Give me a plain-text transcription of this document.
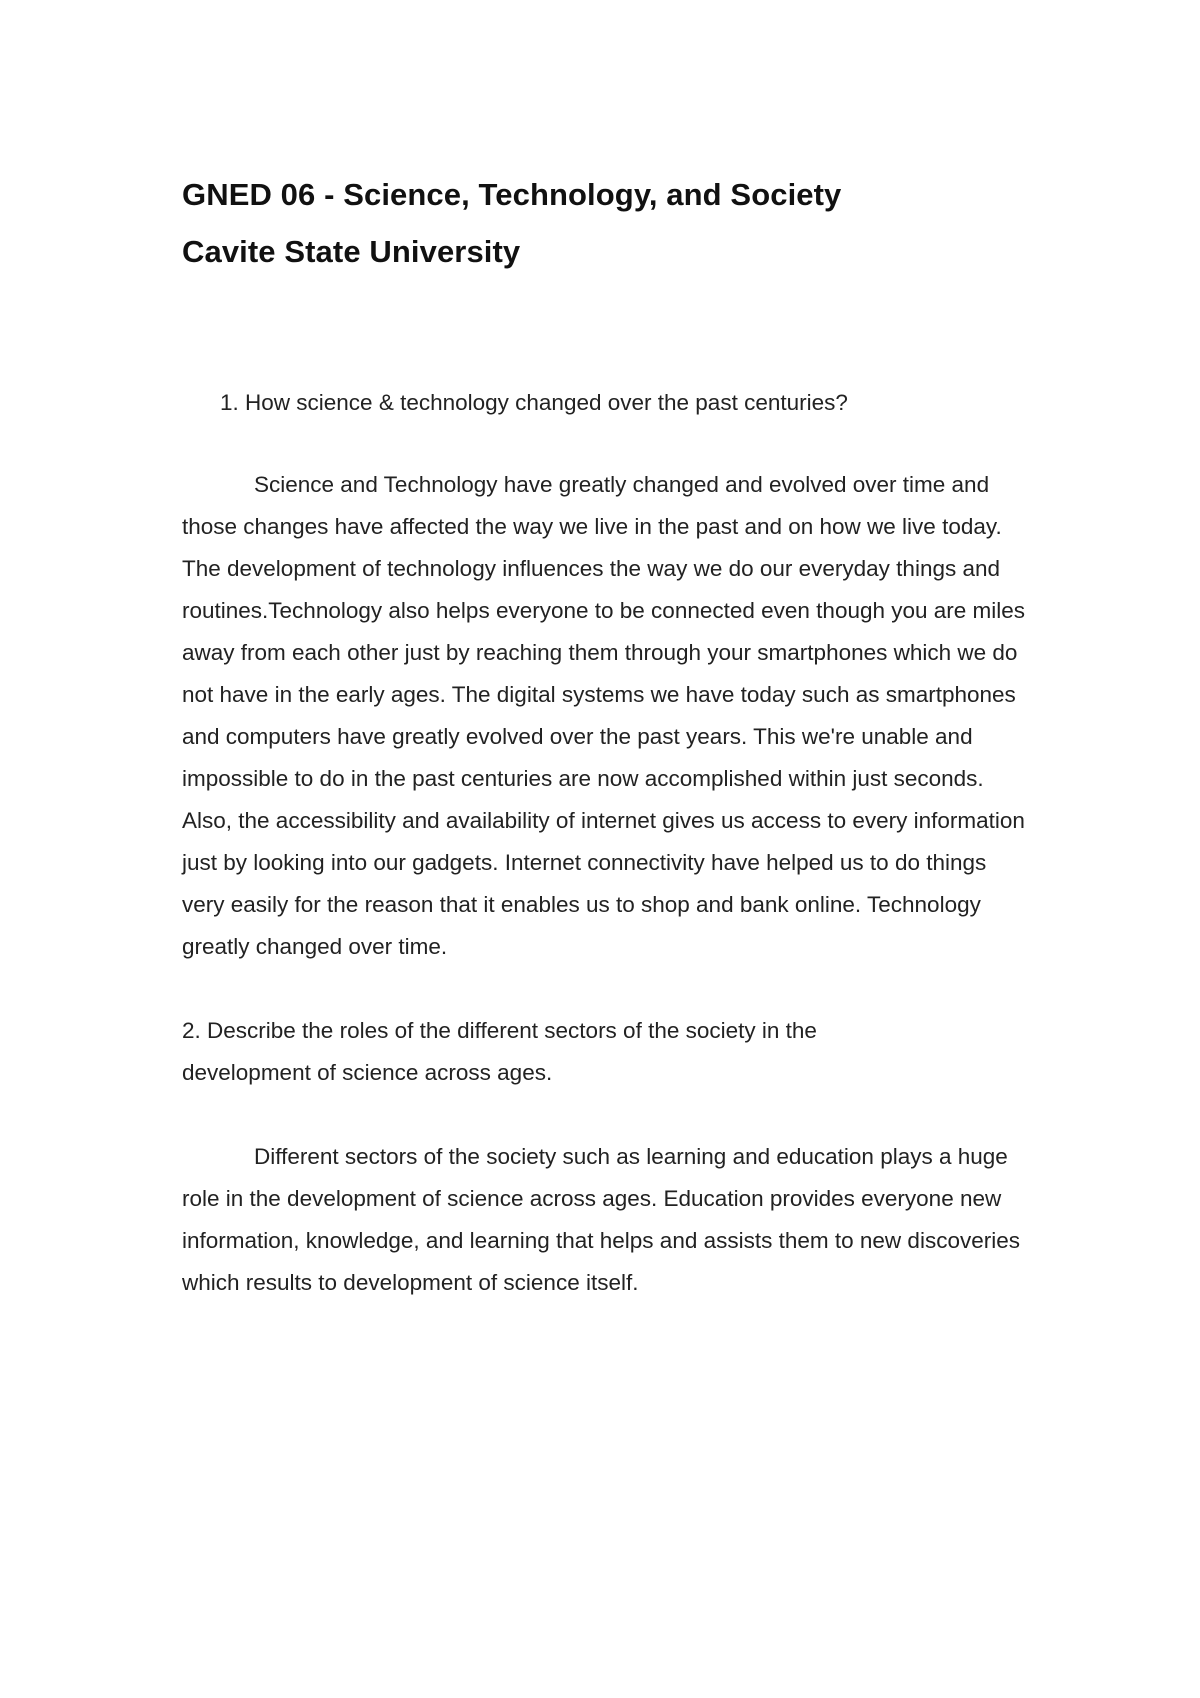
GNED 06 - Science, Technology, and Society
Cavite State University

1. How science & technology changed over the past centuries?

Science and Technology have greatly changed and evolved over time and those changes have affected the way we live in the past and on how we live today. The development of technology influences the way we do our everyday things and routines.Technology also helps everyone to be connected even though you are miles away from each other just by reaching them through your smartphones which we do not have in the early ages. The digital systems we have today such as smartphones and computers have greatly evolved over the past years. This we're unable and impossible to do in the past centuries are now accomplished within just seconds. Also, the accessibility and availability of internet gives us access to every information just by looking into our gadgets. Internet connectivity have helped us to do things very easily for the reason that it enables us to shop and bank online. Technology greatly changed over time.

2. Describe the roles of the different sectors of the society in the development of science across ages.

Different sectors of the society such as learning and education plays a huge role in the development of science across ages. Education provides everyone new information, knowledge, and learning that helps and assists them to new discoveries which results to development of science itself.
